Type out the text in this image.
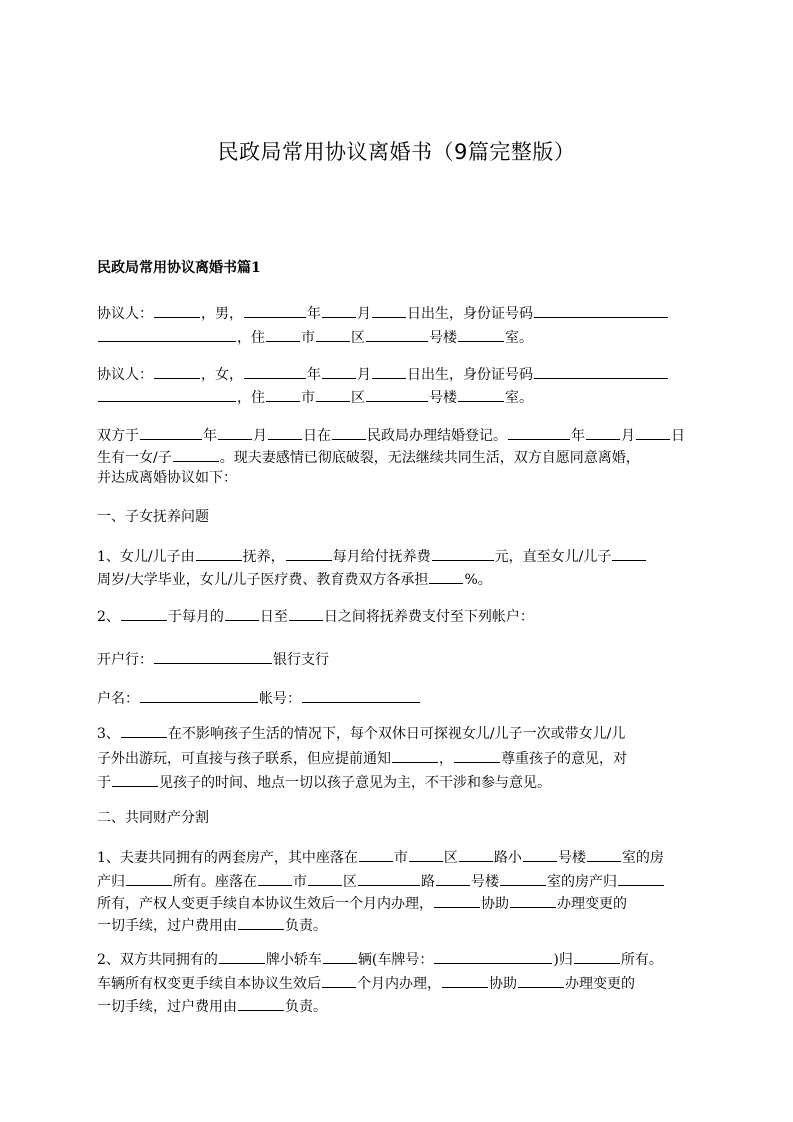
民政局常用协议离婚书（9篇完整版）
民政局常用协议离婚书篇1
协议人：	，男，	年	月	日出生，身份证号码
，住	市	区	号楼	室。
协议人：	，女，	年	月	日出生，身份证号码
，住	市	区	号楼	室。
双方于	年	月	日在	民政局办理结婚登记。	年	月	日
生有一女/子	。现夫妻感情已彻底破裂，无法继续共同生活，双方自愿同意离婚，
并达成离婚协议如下：
一、子女抚养问题
1、女儿/儿子由	抚养，	每月给付抚养费	元，直至女儿/儿子
周岁/大学毕业，女儿/儿子医疗费、教育费双方各承担	%。
2、	于每月的	日至	日之间将抚养费支付至下列帐户：
开户行：	银行支行
户名：	帐号：
3、	在不影响孩子生活的情况下，每个双休日可探视女儿/儿子一次或带女儿/儿
子外出游玩，可直接与孩子联系，但应提前通知	，	尊重孩子的意见，对
于	见孩子的时间、地点一切以孩子意见为主，不干涉和参与意见。
二、共同财产分割
1、夫妻共同拥有的两套房产，其中座落在	市	区	路小	号楼	室的房
产归	所有。座落在	市	区	路	号楼	室的房产归
所有，产权人变更手续自本协议生效后一个月内办理，	协助	办理变更的
一切手续，过户费用由	负责。
2、双方共同拥有的	牌小轿车	辆(车牌号：	)归	所有。
车辆所有权变更手续自本协议生效后	个月内办理，	协助	办理变更的
一切手续，过户费用由	负责。
